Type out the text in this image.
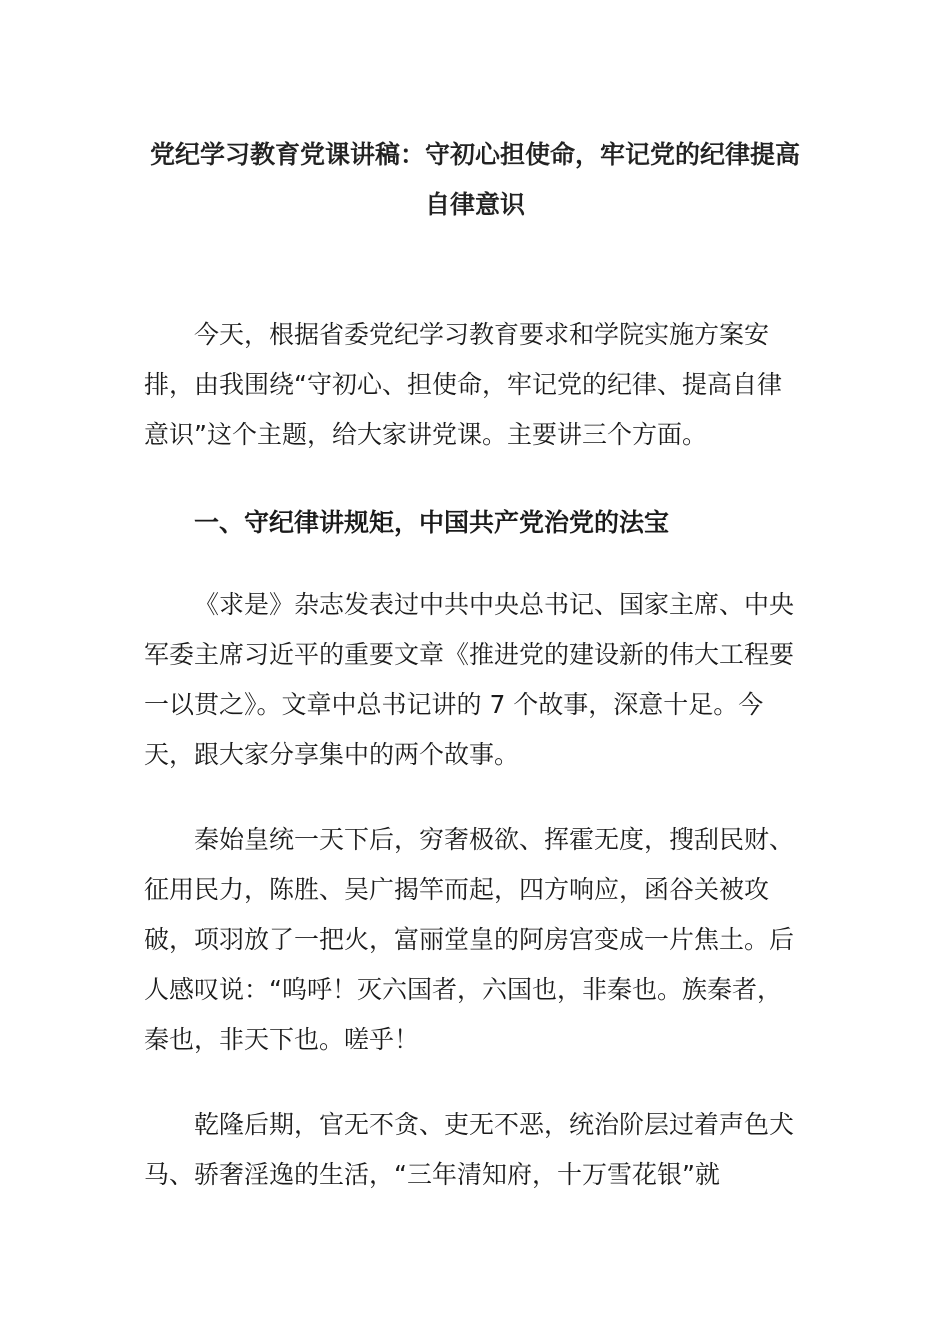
党纪学习教育党课讲稿：守初心担使命，牢记党的纪律提高自律意识

今天，根据省委党纪学习教育要求和学院实施方案安排，由我围绕“守初心、担使命，牢记党的纪律、提高自律意识”这个主题，给大家讲党课。主要讲三个方面。

一、守纪律讲规矩，中国共产党治党的法宝

《求是》杂志发表过中共中央总书记、国家主席、中央军委主席习近平的重要文章《推进党的建设新的伟大工程要一以贯之》。文章中总书记讲的 7 个故事，深意十足。今天，跟大家分享集中的两个故事。

秦始皇统一天下后，穷奢极欲、挥霍无度，搜刮民财、征用民力，陈胜、吴广揭竿而起，四方响应，函谷关被攻破，项羽放了一把火，富丽堂皇的阿房宫变成一片焦土。后人感叹说：“呜呼！灭六国者，六国也，非秦也。族秦者，秦也，非天下也。嗟乎！

乾隆后期，官无不贪、吏无不恶，统治阶层过着声色犬马、骄奢淫逸的生活，“三年清知府，十万雪花银”就
